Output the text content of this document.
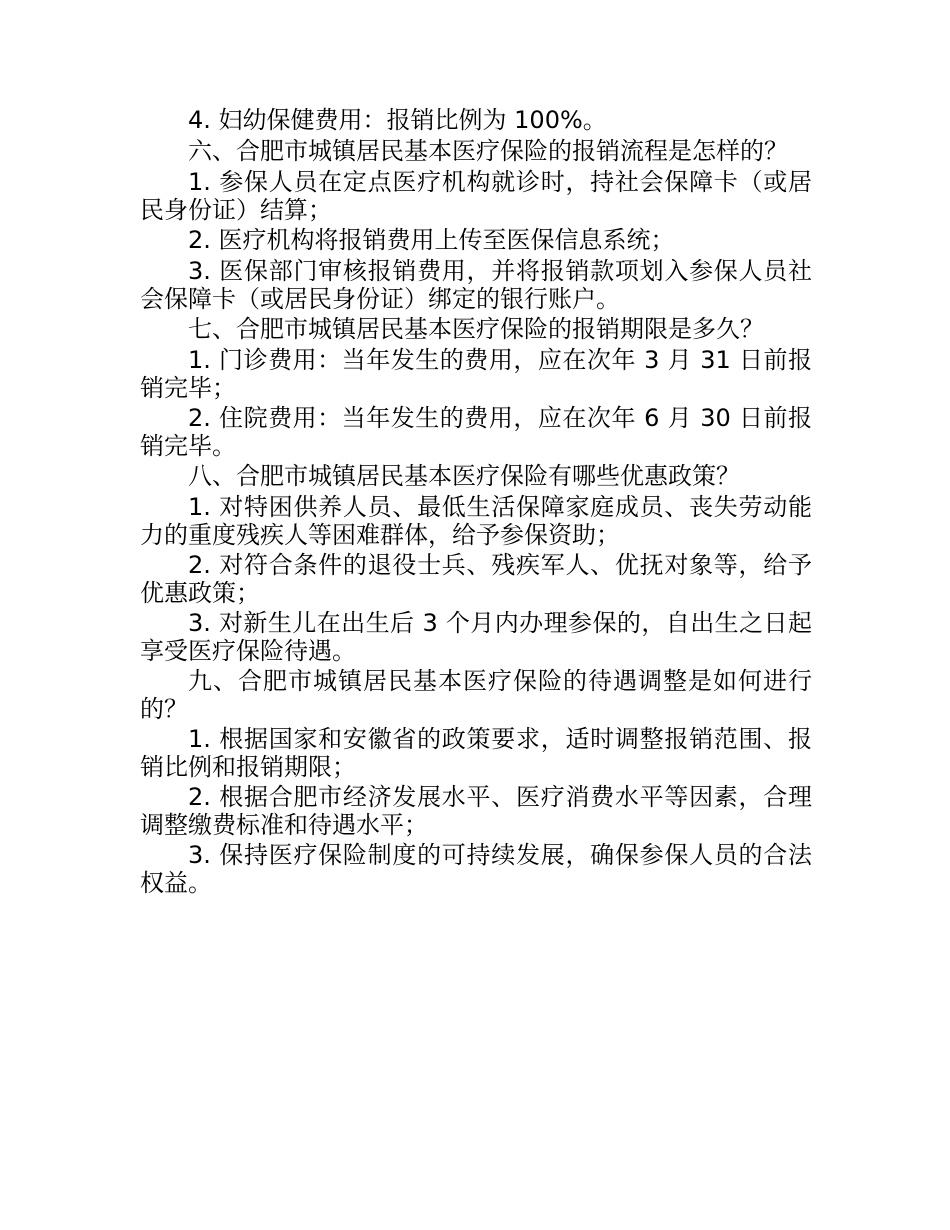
4. 妇幼保健费用：报销比例为 100%。

六、合肥市城镇居民基本医疗保险的报销流程是怎样的？

1. 参保人员在定点医疗机构就诊时，持社会保障卡（或居民身份证）结算；

2. 医疗机构将报销费用上传至医保信息系统；

3. 医保部门审核报销费用，并将报销款项划入参保人员社会保障卡（或居民身份证）绑定的银行账户。

七、合肥市城镇居民基本医疗保险的报销期限是多久？

1. 门诊费用：当年发生的费用，应在次年 3 月 31 日前报销完毕；

2. 住院费用：当年发生的费用，应在次年 6 月 30 日前报销完毕。

八、合肥市城镇居民基本医疗保险有哪些优惠政策？

1. 对特困供养人员、最低生活保障家庭成员、丧失劳动能力的重度残疾人等困难群体，给予参保资助；

2. 对符合条件的退役士兵、残疾军人、优抚对象等，给予优惠政策；

3. 对新生儿在出生后 3 个月内办理参保的，自出生之日起享受医疗保险待遇。

九、合肥市城镇居民基本医疗保险的待遇调整是如何进行的？

1. 根据国家和安徽省的政策要求，适时调整报销范围、报销比例和报销期限；

2. 根据合肥市经济发展水平、医疗消费水平等因素，合理调整缴费标准和待遇水平；

3. 保持医疗保险制度的可持续发展，确保参保人员的合法权益。
